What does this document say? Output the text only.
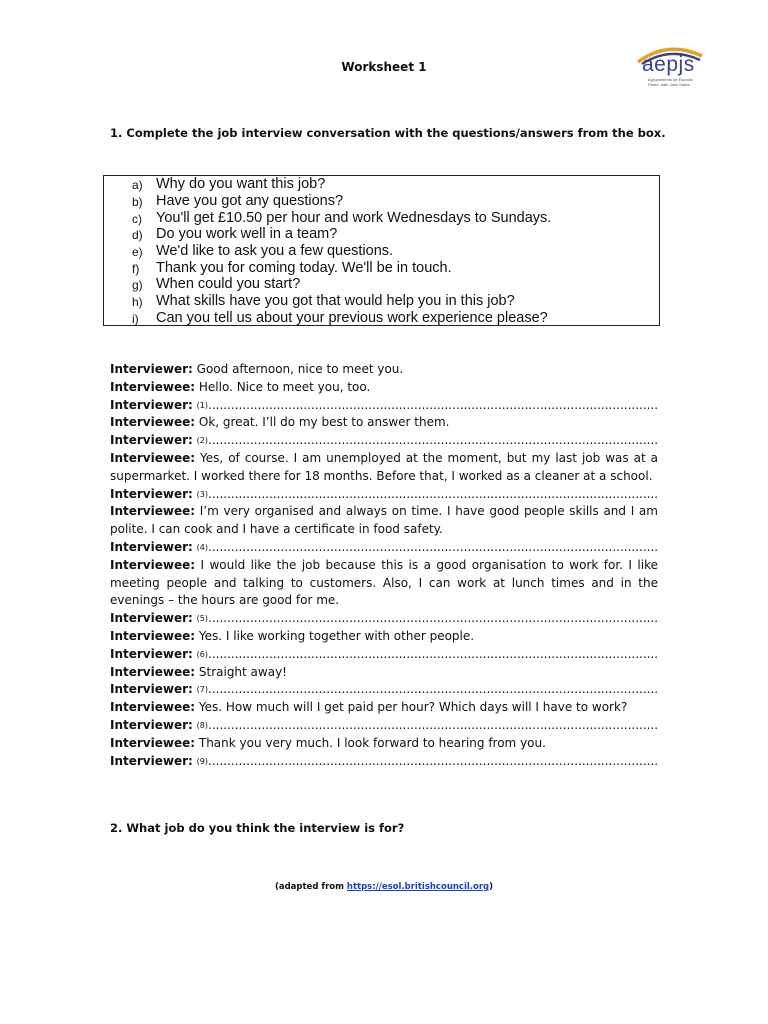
Worksheet 1	aepjs
Agrupamento de Escolas
Padre João José Santa
1. Complete the job interview conversation with the questions/answers from the box.
a) Why do you want this job?
b) Have you got any questions?
c) You'll get £10.50 per hour and work Wednesdays to Sundays.
d) Do you work well in a team?
e) We'd like to ask you a few questions.
f) Thank you for coming today. We'll be in touch.
g) When could you start?
h) What skills have you got that would help you in this job?
i) Can you tell us about your previous work experience please?
Interviewer:
Good afternoon, nice to meet you.
Interviewee:
Hello. Nice to meet you, too.
Interviewer:
(1)
.....
Interviewee:
Ok, great. I’ll do my best to answer them.
Interviewer:
(2)
.....
Interviewee: Yes, of course. I am unemployed at the moment, but my last job was at a supermarket. I worked there for 18 months. Before that, I worked as a cleaner at a school.
Interviewer:
(3)
.....
Interviewee: I’m very organised and always on time. I have good people skills and I am polite. I can cook and I have a certificate in food safety.
Interviewer:
(4)
.....
Interviewee: I would like the job because this is a good organisation to work for. I like meeting people and talking to customers. Also, I can work at lunch times and in the evenings – the hours are good for me.
Interviewer:
(5)
.....
Interviewee:
Yes. I like working together with other people.
Interviewer:
(6)
.....
Interviewee:
Straight away!
Interviewer:
(7)
.....
Interviewee:
Yes. How much will I get paid per hour? Which days will I have to work?
Interviewer:
(8)
.....
Interviewee:
Thank you very much. I look forward to hearing from you.
Interviewer:
(9)
.....
2. What job do you think the interview is for?
(adapted from https://esol.britishcouncil.org)
